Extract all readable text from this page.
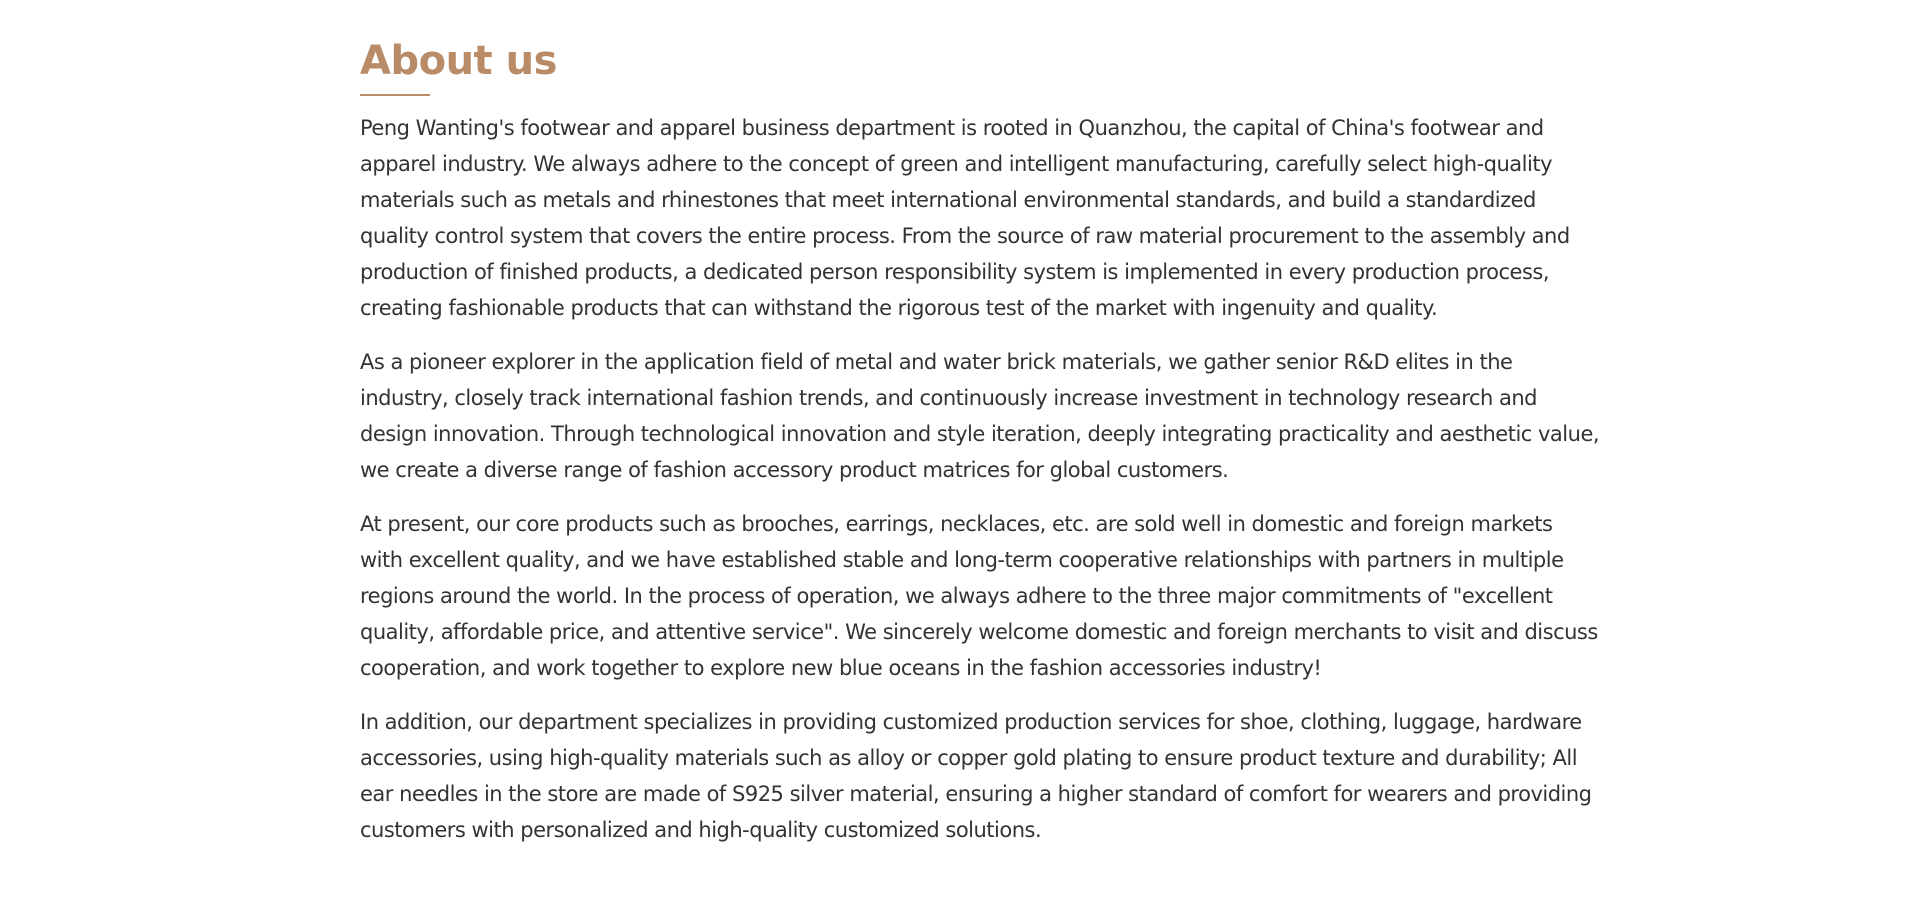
About us

Peng Wanting's footwear and apparel business department is rooted in Quanzhou, the capital of China's footwear and apparel industry. We always adhere to the concept of green and intelligent manufacturing, carefully select high-quality materials such as metals and rhinestones that meet international environmental standards, and build a standardized quality control system that covers the entire process. From the source of raw material procurement to the assembly and production of finished products, a dedicated person responsibility system is implemented in every production process, creating fashionable products that can withstand the rigorous test of the market with ingenuity and quality.

As a pioneer explorer in the application field of metal and water brick materials, we gather senior R&D elites in the industry, closely track international fashion trends, and continuously increase investment in technology research and design innovation. Through technological innovation and style iteration, deeply integrating practicality and aesthetic value, we create a diverse range of fashion accessory product matrices for global customers.

At present, our core products such as brooches, earrings, necklaces, etc. are sold well in domestic and foreign markets with excellent quality, and we have established stable and long-term cooperative relationships with partners in multiple regions around the world. In the process of operation, we always adhere to the three major commitments of "excellent quality, affordable price, and attentive service". We sincerely welcome domestic and foreign merchants to visit and discuss cooperation, and work together to explore new blue oceans in the fashion accessories industry!

In addition, our department specializes in providing customized production services for shoe, clothing, luggage, hardware accessories, using high-quality materials such as alloy or copper gold plating to ensure product texture and durability; All ear needles in the store are made of S925 silver material, ensuring a higher standard of comfort for wearers and providing customers with personalized and high-quality customized solutions.
